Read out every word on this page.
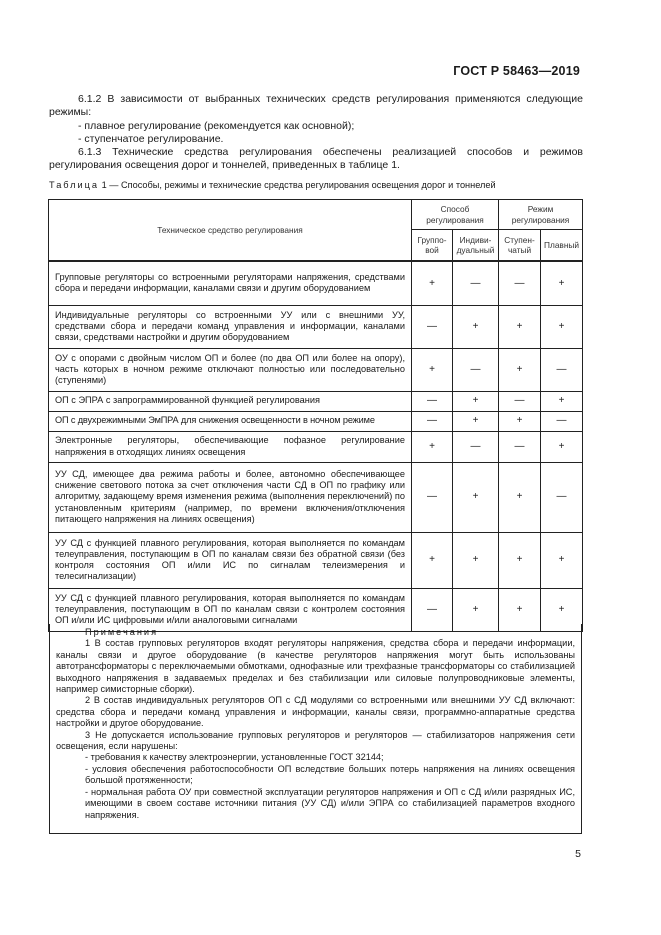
ГОСТ Р 58463—2019

6.1.2 В зависимости от выбранных технических средств регулирования применяются следующие режимы:

- плавное регулирование (рекомендуется как основной);

- ступенчатое регулирование.

6.1.3 Технические средства регулирования обеспечены реализацией способов и режимов регулирования освещения дорог и тоннелей, приведенных в таблице 1.

Таблица 1 — Способы, режимы и технические средства регулирования освещения дорог и тоннелей
Техническое средство регулирования	Способ регулирования		Режим регулирования	
	Групповой	Индивидуальный	Ступенчатый	Плавный
Групповые регуляторы со встроенными регуляторами напряжения, средствами сбора и передачи информации, каналами связи и другим оборудованием	+	—	—	+
Индивидуальные регуляторы со встроенными УУ или с внешними УУ, средствами сбора и передачи команд управления и информации, каналами связи, средствами настройки и другим оборудованием	—	+	+	+
ОУ с опорами с двойным числом ОП и более (по два ОП или более на опору), часть которых в ночном режиме отключают полностью или последовательно (ступенями)	+	—	+	—
ОП с ЭПРА с запрограммированной функцией регулирования	—	+	—	+
ОП с двухрежимными ЭмПРА для снижения освещенности в ночном режиме	—	+	+	—
Электронные регуляторы, обеспечивающие пофазное регулирование напряжения в отходящих линиях освещения	+	—	—	+
УУ СД, имеющее два режима работы и более, автономно обеспечивающее снижение светового потока за счет отключения части СД в ОП по графику или алгоритму, задающему время изменения режима (выполнения переключений) по установленным критериям (например, по времени включения/отключения питающего напряжения на линиях освещения)	—	+	+	—
УУ СД с функцией плавного регулирования, которая выполняется по командам телеуправления, поступающим в ОП по каналам связи без обратной связи (без контроля состояния ОП и/или ИС по сигналам телеизмерения и телесигнализации)	+	+	+	+
УУ СД с функцией плавного регулирования, которая выполняется по командам телеуправления, поступающим в ОП по каналам связи с контролем состояния ОП и/или ИС цифровыми и/или аналоговыми сигналами	—	+	+	+

Примечания

1 В состав групповых регуляторов входят регуляторы напряжения, средства сбора и передачи информации, каналы связи и другое оборудование (в качестве регуляторов напряжения могут быть использованы автотрансформаторы с переключаемыми обмотками, однофазные или трехфазные трансформаторы со стабилизацией выходного напряжения в задаваемых пределах и без стабилизации или силовые полупроводниковые элементы, например симисторные сборки).

2 В состав индивидуальных регуляторов ОП с СД модулями со встроенными или внешними УУ СД включают: средства сбора и передачи команд управления и информации, каналы связи, программно-аппаратные средства настройки и другое оборудование.

3 Не допускается использование групповых регуляторов и регуляторов — стабилизаторов напряжения сети освещения, если нарушены:

- требования к качеству электроэнергии, установленные ГОСТ 32144;

- условия обеспечения работоспособности ОП вследствие больших потерь напряжения на линиях освещения большой протяженности;

- нормальная работа ОУ при совместной эксплуатации регуляторов напряжения и ОП с СД и/или разрядных ИС, имеющими в своем составе источники питания (УУ СД) и/или ЭПРА со стабилизацией параметров входного напряжения.

5
